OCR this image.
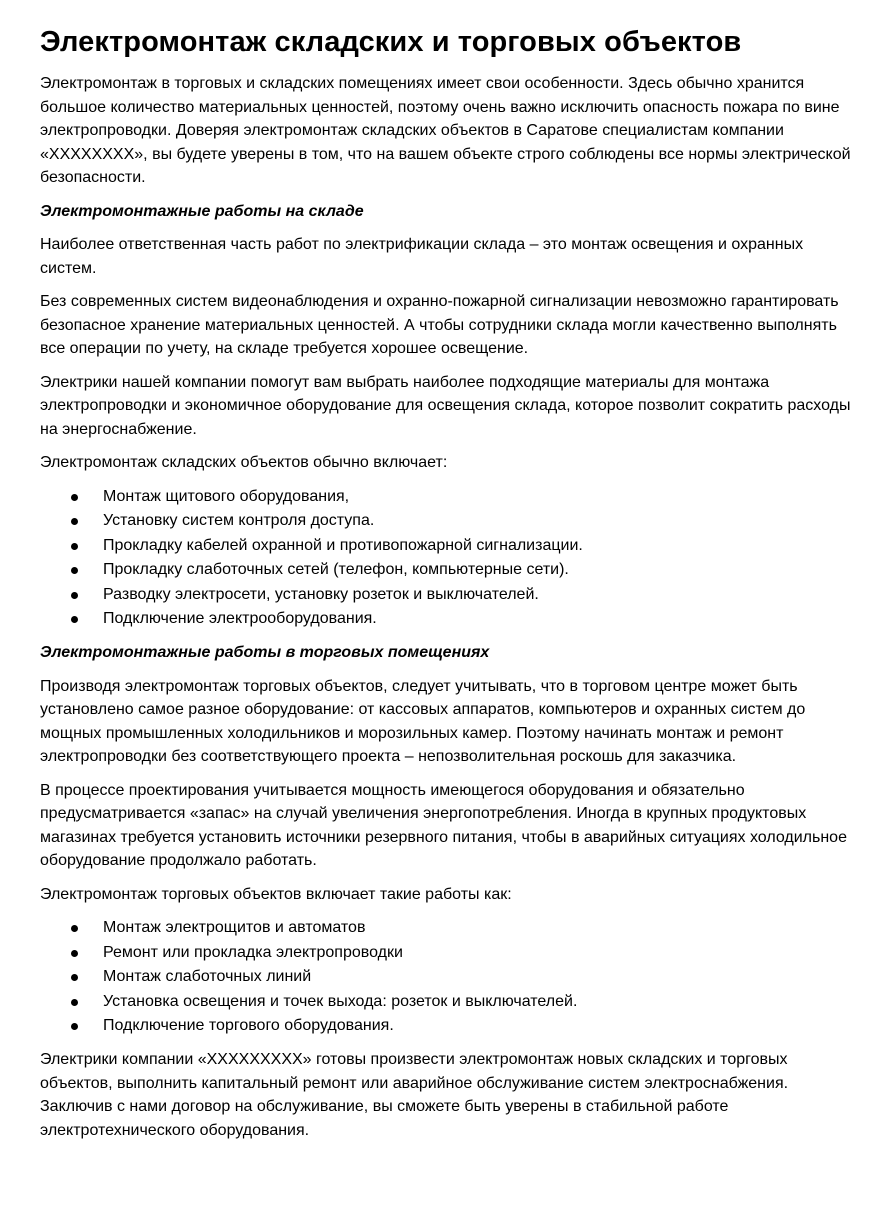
Электромонтаж складских и торговых объектов

Электромонтаж в торговых и складских помещениях имеет свои особенности. Здесь обычно хранится большое количество материальных ценностей, поэтому очень важно исключить опасность пожара по вине электропроводки. Доверяя электромонтаж складских объектов в Саратове специалистам компании «ХХХХХХХХ», вы будете уверены в том, что на вашем объекте строго соблюдены все нормы электрической безопасности.

Электромонтажные работы на складе

Наиболее ответственная часть работ по электрификации склада – это монтаж освещения и охранных систем.

Без современных систем видеонаблюдения и охранно-пожарной сигнализации невозможно гарантировать безопасное хранение материальных ценностей. А чтобы сотрудники склада могли качественно выполнять все операции по учету, на складе требуется хорошее освещение.

Электрики нашей компании помогут вам выбрать наиболее подходящие материалы для монтажа электропроводки и экономичное оборудование для освещения склада, которое позволит сократить расходы на энергоснабжение.

Электромонтаж складских объектов обычно включает:

Монтаж щитового оборудования,
Установку систем контроля доступа.
Прокладку кабелей охранной и противопожарной сигнализации.
Прокладку слаботочных сетей (телефон, компьютерные сети).
Разводку электросети, установку розеток и выключателей.
Подключение электрооборудования.
Электромонтажные работы в торговых помещениях

Производя электромонтаж торговых объектов, следует учитывать, что в торговом центре может быть установлено самое разное оборудование: от кассовых аппаратов, компьютеров и охранных систем до мощных промышленных холодильников и морозильных камер. Поэтому начинать монтаж и ремонт электропроводки без соответствующего проекта – непозволительная роскошь для заказчика.

В процессе проектирования учитывается мощность имеющегося оборудования и обязательно предусматривается «запас» на случай увеличения энергопотребления. Иногда в крупных продуктовых магазинах требуется установить источники резервного питания, чтобы в аварийных ситуациях холодильное оборудование продолжало работать.

Электромонтаж торговых объектов включает такие работы как:

Монтаж электрощитов и автоматов
Ремонт или прокладка электропроводки
Монтаж слаботочных линий
Установка освещения и точек выхода: розеток и выключателей.
Подключение торгового оборудования.

Электрики компании «ХХХХХХХХХ» готовы произвести электромонтаж новых складских и торговых объектов, выполнить капитальный ремонт или аварийное обслуживание систем электроснабжения. Заключив с нами договор на обслуживание, вы сможете быть уверены в стабильной работе электротехнического оборудования.
